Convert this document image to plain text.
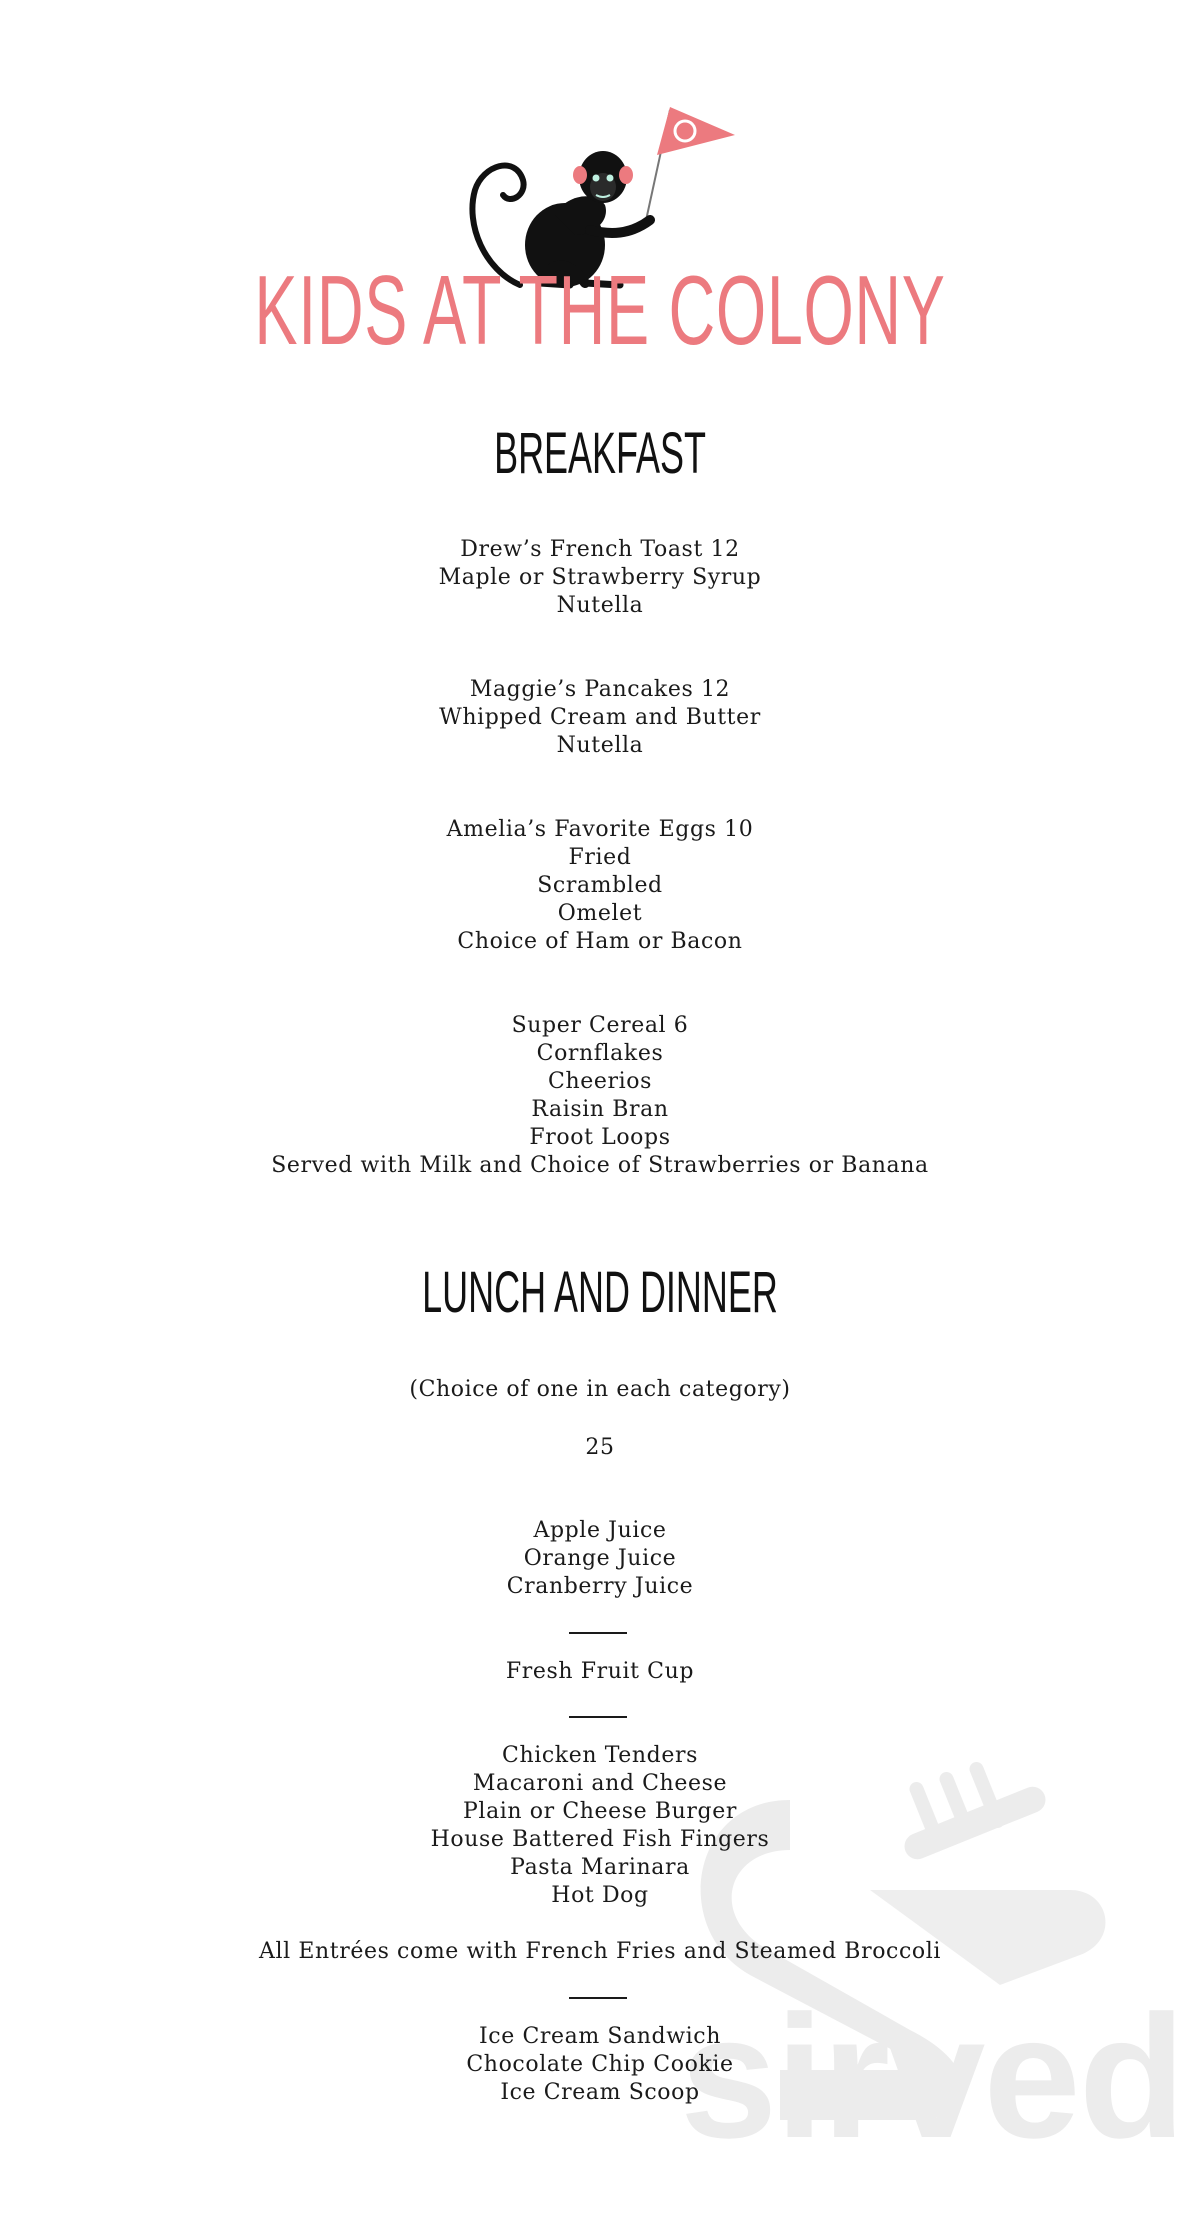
sirved
KIDS AT THE COLONY
BREAKFAST
Drew’s French Toast 12
Maple or Strawberry Syrup
Nutella
Maggie’s Pancakes 12
Whipped Cream and Butter
Nutella
Amelia’s Favorite Eggs 10
Fried
Scrambled
Omelet
Choice of Ham or Bacon
Super Cereal 6
Cornflakes
Cheerios
Raisin Bran
Froot Loops
Served with Milk and Choice of Strawberries or Banana
LUNCH AND DINNER
(Choice of one in each category)
25
Apple Juice
Orange Juice
Cranberry Juice
Fresh Fruit Cup
Chicken Tenders
Macaroni and Cheese
Plain or Cheese Burger
House Battered Fish Fingers
Pasta Marinara
Hot Dog
All Entrées come with French Fries and Steamed Broccoli
Ice Cream Sandwich
Chocolate Chip Cookie
Ice Cream Scoop
